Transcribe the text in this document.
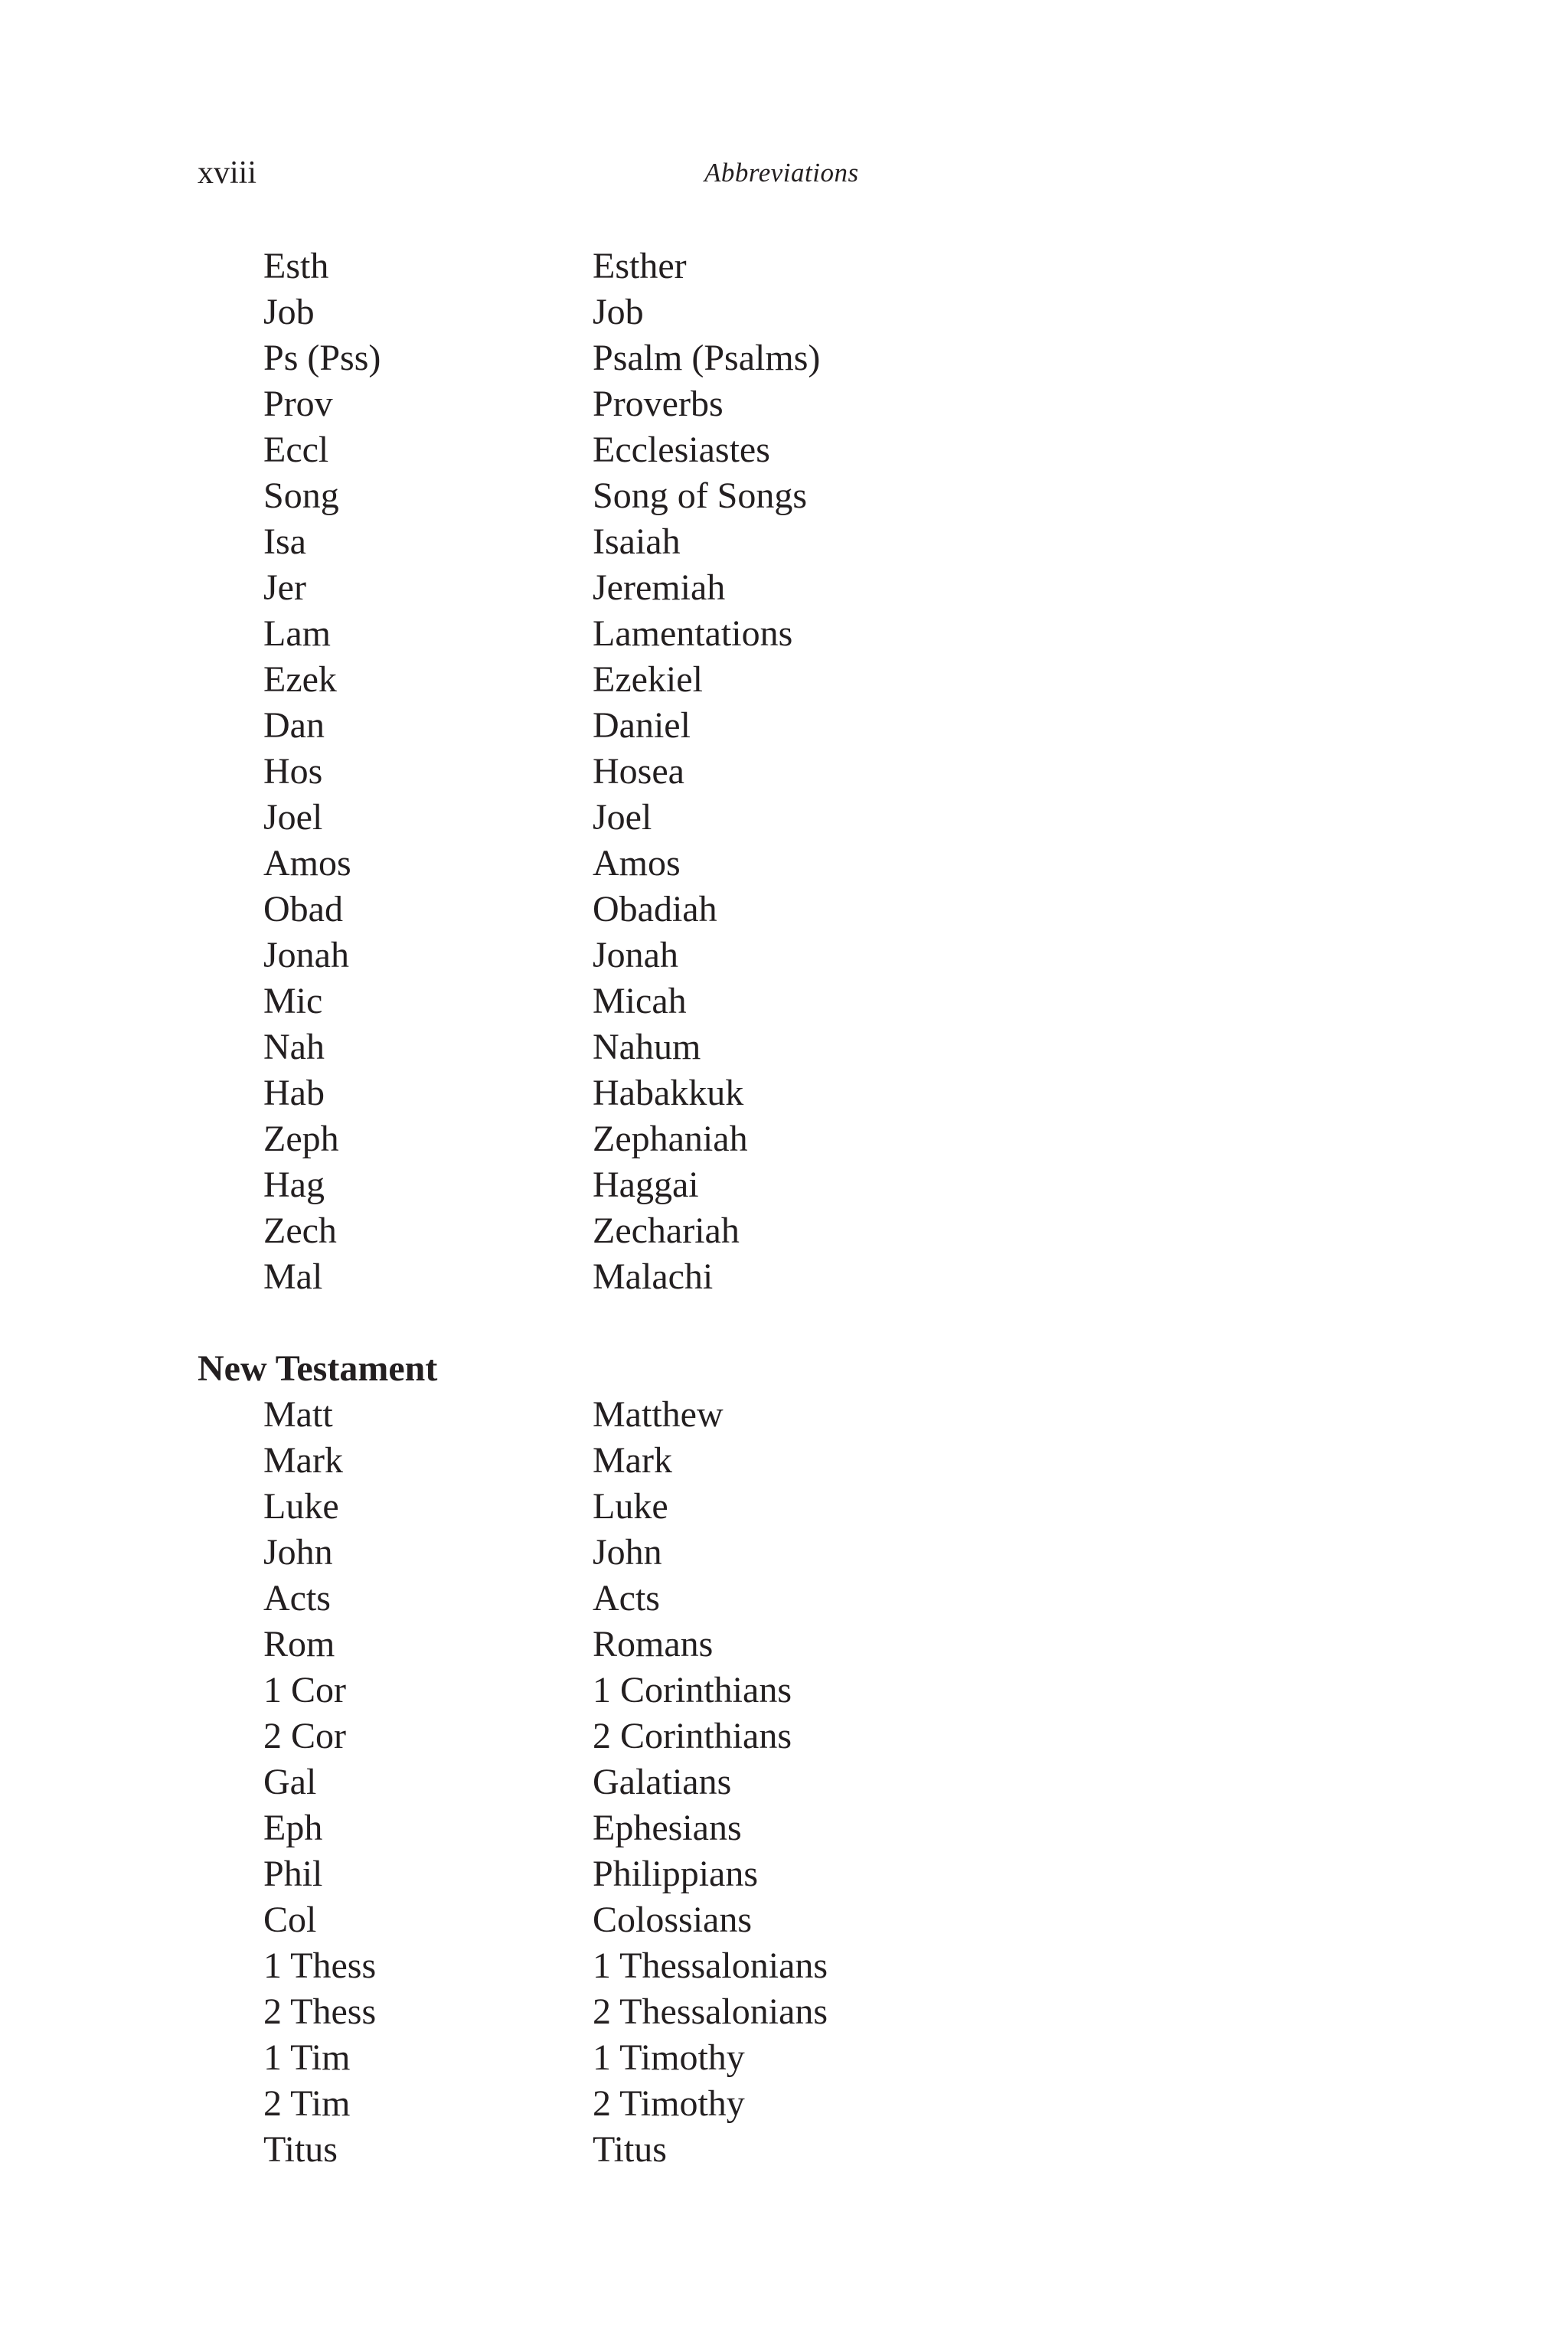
xviii	Abbreviations
Esth	Esther
Job	Job
Ps (Pss)	Psalm (Psalms)
Prov	Proverbs
Eccl	Ecclesiastes
Song	Song of Songs
Isa	Isaiah
Jer	Jeremiah
Lam	Lamentations
Ezek	Ezekiel
Dan	Daniel
Hos	Hosea
Joel	Joel
Amos	Amos
Obad	Obadiah
Jonah	Jonah
Mic	Micah
Nah	Nahum
Hab	Habakkuk
Zeph	Zephaniah
Hag	Haggai
Zech	Zechariah
Mal	Malachi
New Testament
Matt	Matthew
Mark	Mark
Luke	Luke
John	John
Acts	Acts
Rom	Romans
1 Cor	1 Corinthians
2 Cor	2 Corinthians
Gal	Galatians
Eph	Ephesians
Phil	Philippians
Col	Colossians
1 Thess	1 Thessalonians
2 Thess	2 Thessalonians
1 Tim	1 Timothy
2 Tim	2 Timothy
Titus	Titus
